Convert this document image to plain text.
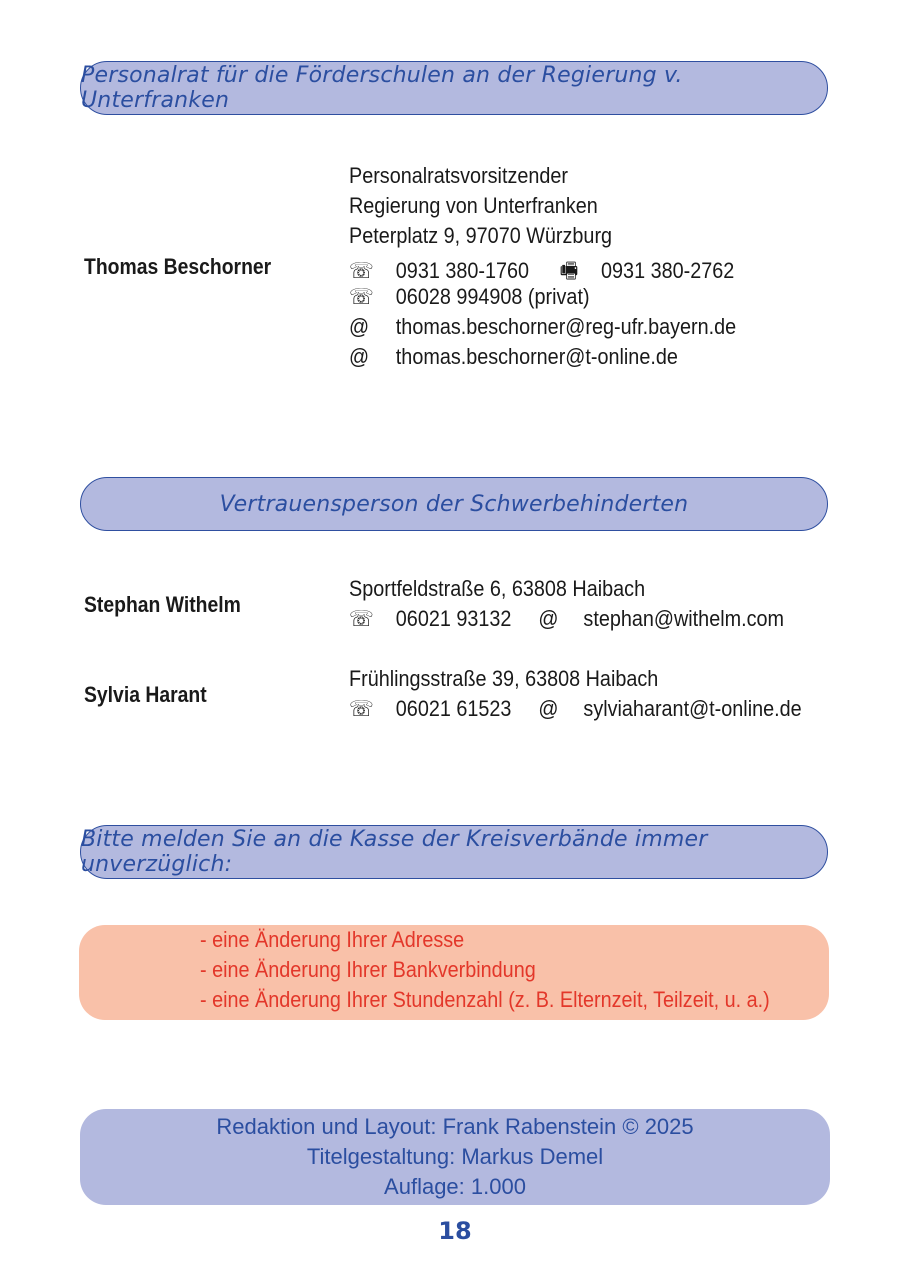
Personalrat für die Förderschulen an der Regierung v. Unterfranken
Thomas Beschorner
Personalratsvorsitzender
Regierung von Unterfranken
Peterplatz 9, 97070 Würzburg
☏ 0931 380-1760 🖷 0931 380-2762
☏ 06028 994908 (privat)
@ thomas.beschorner@reg-ufr.bayern.de
@ thomas.beschorner@t-online.de
Vertrauensperson der Schwerbehinderten
Stephan Withelm
Sportfeldstraße 6, 63808 Haibach
☏ 06021 93132 @ stephan@withelm.com
Sylvia Harant
Frühlingsstraße 39, 63808 Haibach
☏ 06021 61523 @ sylviaharant@t-online.de
Bitte melden Sie an die Kasse der Kreisverbände immer unverzüglich:
- eine Änderung Ihrer Adresse
- eine Änderung Ihrer Bankverbindung
- eine Änderung Ihrer Stundenzahl (z. B. Elternzeit, Teilzeit, u. a.)
Redaktion und Layout: Frank Rabenstein © 2025
Titelgestaltung: Markus Demel
Auflage: 1.000
18
